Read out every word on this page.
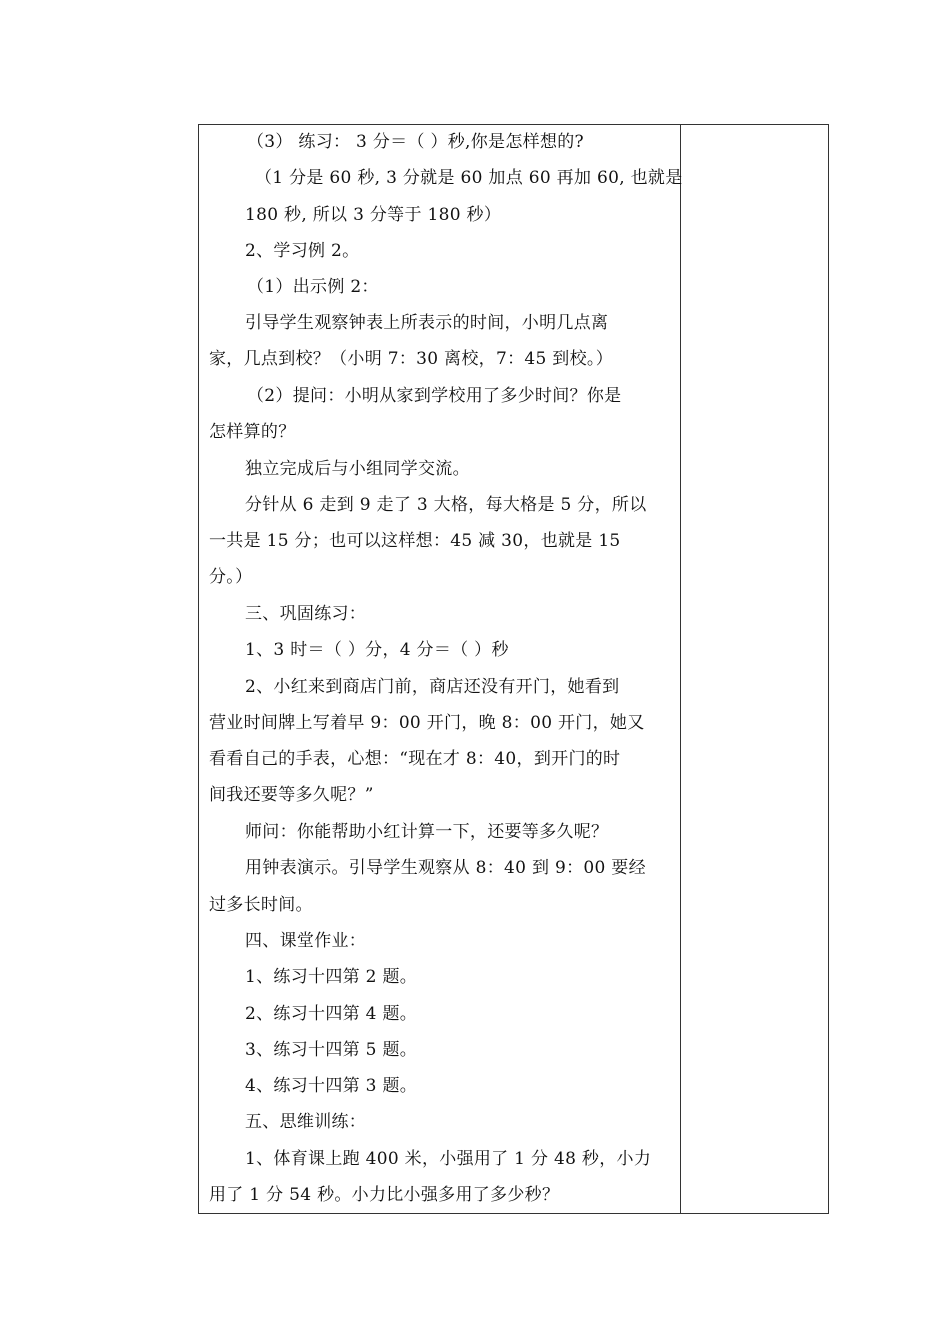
（3） 练习： 3 分＝（ ）秒,你是怎样想的?
（1 分是 60 秒, 3 分就是 60 加点 60 再加 60, 也就是
180 秒, 所以 3 分等于 180 秒）
2、学习例 2。
（1）出示例 2：
引导学生观察钟表上所表示的时间，小明几点离
家，几点到校？（小明 7：30 离校，7：45 到校。）
（2）提问：小明从家到学校用了多少时间？你是
怎样算的？
独立完成后与小组同学交流。
分针从 6 走到 9 走了 3 大格，每大格是 5 分，所以
一共是 15 分；也可以这样想：45 减 30，也就是 15
分。）
三、巩固练习：
1、3 时＝（ ）分，4 分＝（ ）秒
2、小红来到商店门前，商店还没有开门，她看到
营业时间牌上写着早 9：00 开门，晚 8：00 开门，她又
看看自己的手表，心想：“现在才 8：40，到开门的时
间我还要等多久呢？”
师问：你能帮助小红计算一下，还要等多久呢？
用钟表演示。引导学生观察从 8：40 到 9：00 要经
过多长时间。
四、课堂作业：
1、练习十四第 2 题。
2、练习十四第 4 题。
3、练习十四第 5 题。
4、练习十四第 3 题。
五、思维训练：
1、体育课上跑 400 米，小强用了 1 分 48 秒，小力
用了 1 分 54 秒。小力比小强多用了多少秒？
